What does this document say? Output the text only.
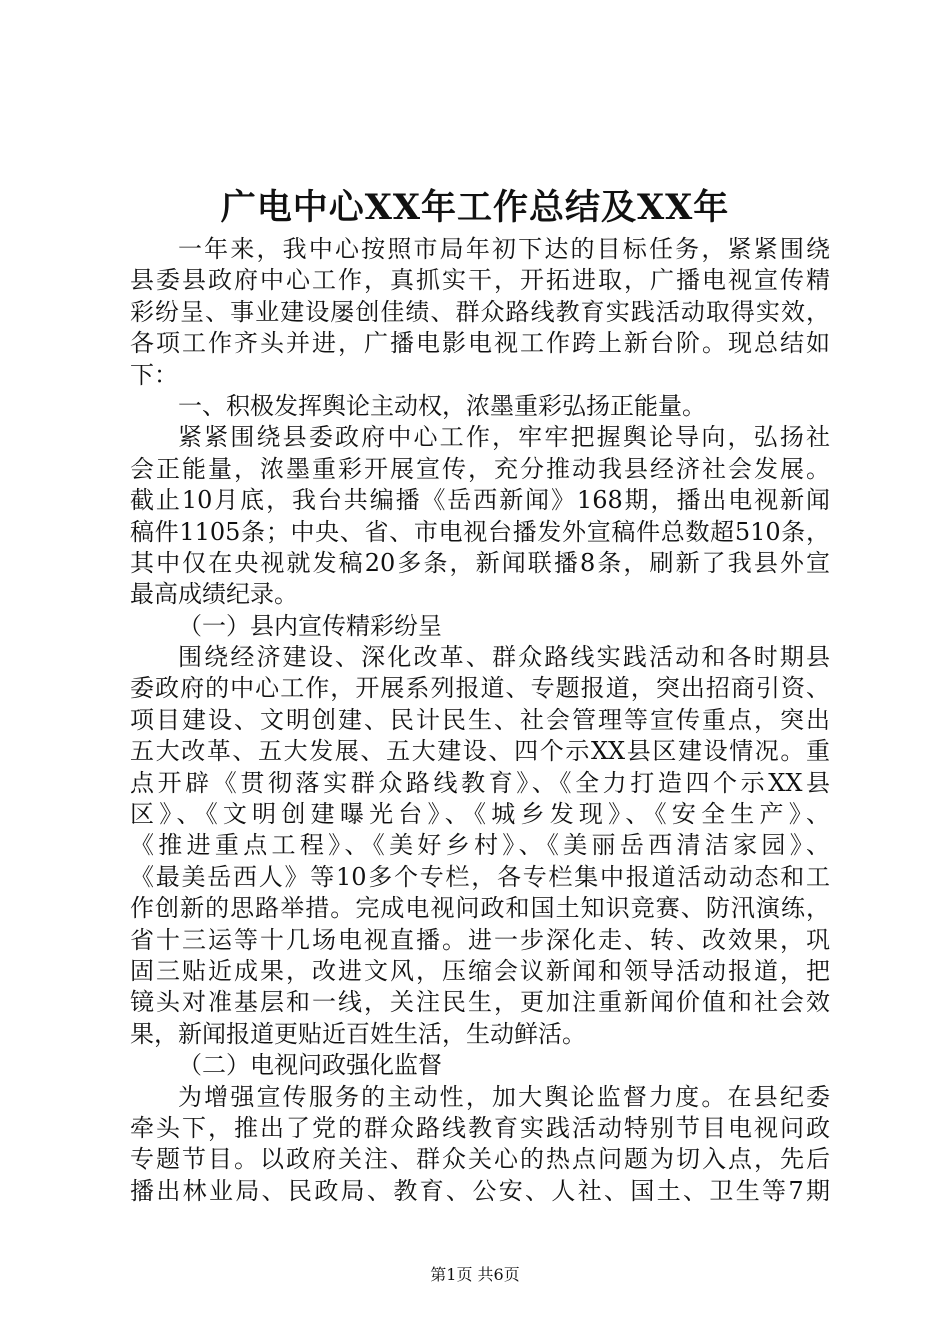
广电中心XX年工作总结及XX年
一年来，我中心按照市局年初下达的目标任务，紧紧围绕
县委县政府中心工作，真抓实干，开拓进取，广播电视宣传精
彩纷呈、事业建设屡创佳绩、群众路线教育实践活动取得实效，
各项工作齐头并进，广播电影电视工作跨上新台阶。现总结如
下：
一、积极发挥舆论主动权，浓墨重彩弘扬正能量。
紧紧围绕县委政府中心工作，牢牢把握舆论导向，弘扬社
会正能量，浓墨重彩开展宣传，充分推动我县经济社会发展。
截止10月底，我台共编播《岳西新闻》168期，播出电视新闻
稿件1105条；中央、省、市电视台播发外宣稿件总数超510条，
其中仅在央视就发稿20多条，新闻联播8条，刷新了我县外宣
最高成绩纪录。
（一）县内宣传精彩纷呈
围绕经济建设、深化改革、群众路线实践活动和各时期县
委政府的中心工作，开展系列报道、专题报道，突出招商引资、
项目建设、文明创建、民计民生、社会管理等宣传重点，突出
五大改革、五大发展、五大建设、四个示XX县区建设情况。重
点开辟《贯彻落实群众路线教育》、《全力打造四个示XX县
区》、《文明创建曝光台》、《城乡发现》、《安全生产》、
《推进重点工程》、《美好乡村》、《美丽岳西清洁家园》、
《最美岳西人》等10多个专栏，各专栏集中报道活动动态和工
作创新的思路举措。完成电视问政和国土知识竞赛、防汛演练，
省十三运等十几场电视直播。进一步深化走、转、改效果，巩
固三贴近成果，改进文风，压缩会议新闻和领导活动报道，把
镜头对准基层和一线，关注民生，更加注重新闻价值和社会效
果，新闻报道更贴近百姓生活，生动鲜活。
（二）电视问政强化监督
为增强宣传服务的主动性，加大舆论监督力度。在县纪委
牵头下，推出了党的群众路线教育实践活动特别节目电视问政
专题节目。以政府关注、群众关心的热点问题为切入点，先后
播出林业局、民政局、教育、公安、人社、国土、卫生等7期
第1页 共6页
